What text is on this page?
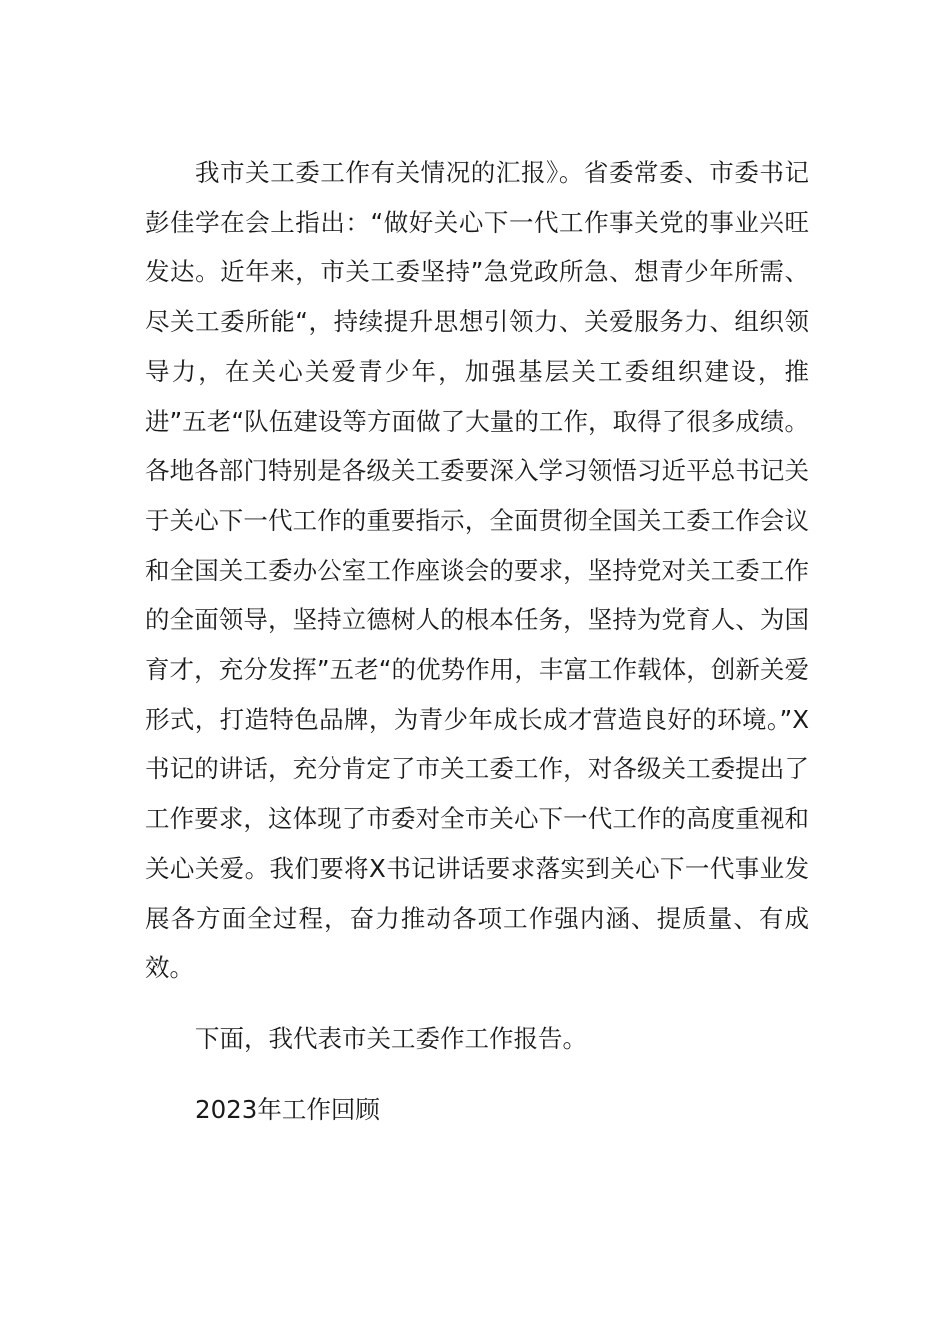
我市关工委工作有关情况的汇报》。省委常委、市委书记彭佳学在会上指出：“做好关心下一代工作事关党的事业兴旺发达。近年来，市关工委坚持”急党政所急、想青少年所需、尽关工委所能“，持续提升思想引领力、关爱服务力、组织领导力，在关心关爱青少年，加强基层关工委组织建设，推进”五老“队伍建设等方面做了大量的工作，取得了很多成绩。各地各部门特别是各级关工委要深入学习领悟习近平总书记关于关心下一代工作的重要指示，全面贯彻全国关工委工作会议和全国关工委办公室工作座谈会的要求，坚持党对关工委工作的全面领导，坚持立德树人的根本任务，坚持为党育人、为国育才，充分发挥”五老“的优势作用，丰富工作载体，创新关爱形式，打造特色品牌，为青少年成长成才营造良好的环境。”X书记的讲话，充分肯定了市关工委工作，对各级关工委提出了工作要求，这体现了市委对全市关心下一代工作的高度重视和关心关爱。我们要将X书记讲话要求落实到关心下一代事业发展各方面全过程，奋力推动各项工作强内涵、提质量、有成效。

下面，我代表市关工委作工作报告。

2023年工作回顾
